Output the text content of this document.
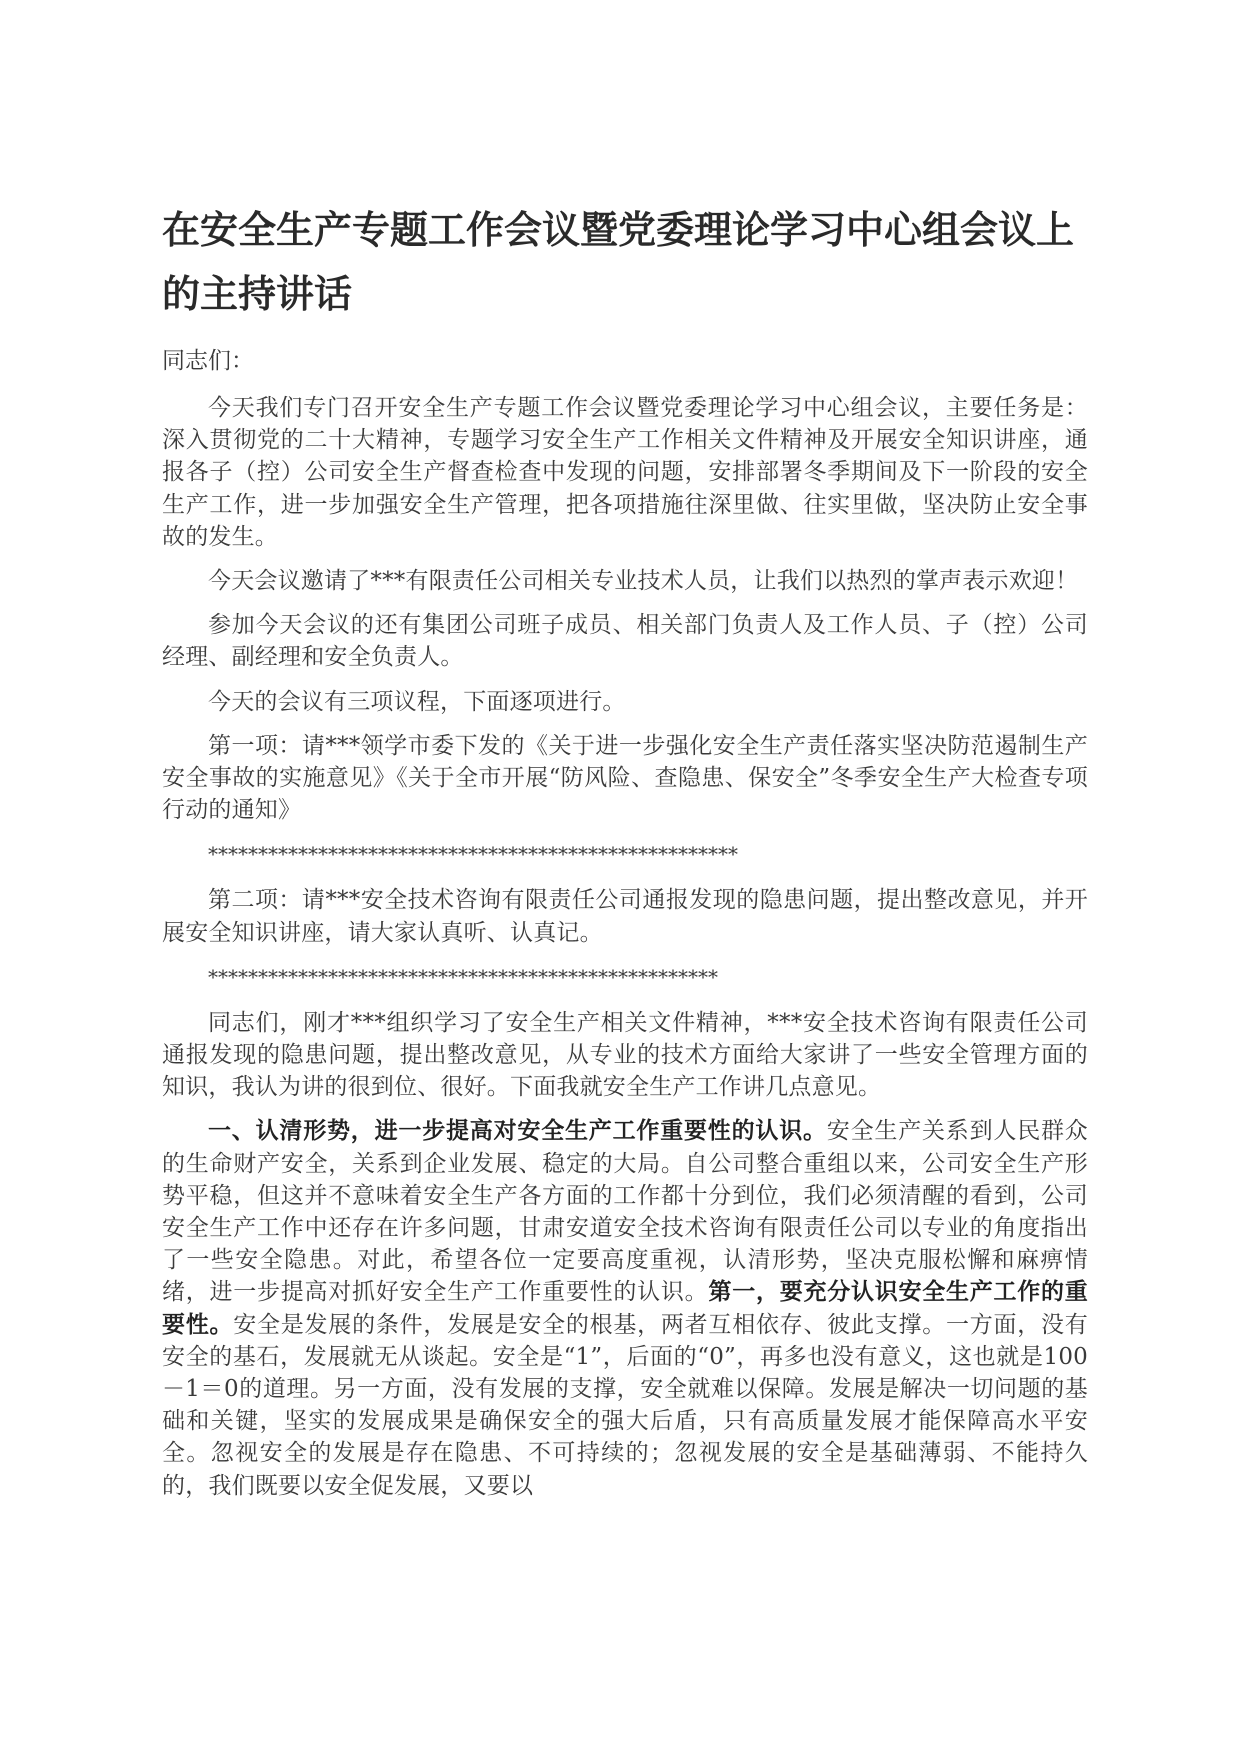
在安全生产专题工作会议暨党委理论学习中心组会议上的主持讲话

同志们：

今天我们专门召开安全生产专题工作会议暨党委理论学习中心组会议，主要任务是：深入贯彻党的二十大精神，专题学习安全生产工作相关文件精神及开展安全知识讲座，通报各子（控）公司安全生产督查检查中发现的问题，安排部署冬季期间及下一阶段的安全生产工作，进一步加强安全生产管理，把各项措施往深里做、往实里做，坚决防止安全事故的发生。

今天会议邀请了***有限责任公司相关专业技术人员，让我们以热烈的掌声表示欢迎！

参加今天会议的还有集团公司班子成员、相关部门负责人及工作人员、子（控）公司经理、副经理和安全负责人。

今天的会议有三项议程，下面逐项进行。

第一项：请***领学市委下发的《关于进一步强化安全生产责任落实坚决防范遏制生产安全事故的实施意见》《关于全市开展“防风险、查隐患、保安全”冬季安全生产大检查专项行动的通知》

*****************************************************

第二项：请***安全技术咨询有限责任公司通报发现的隐患问题，提出整改意见，并开展安全知识讲座，请大家认真听、认真记。

***************************************************

同志们，刚才***组织学习了安全生产相关文件精神，***安全技术咨询有限责任公司通报发现的隐患问题，提出整改意见，从专业的技术方面给大家讲了一些安全管理方面的知识，我认为讲的很到位、很好。下面我就安全生产工作讲几点意见。

一、认清形势，进一步提高对安全生产工作重要性的认识。安全生产关系到人民群众的生命财产安全，关系到企业发展、稳定的大局。自公司整合重组以来，公司安全生产形势平稳，但这并不意味着安全生产各方面的工作都十分到位，我们必须清醒的看到，公司安全生产工作中还存在许多问题，甘肃安道安全技术咨询有限责任公司以专业的角度指出了一些安全隐患。对此，希望各位一定要高度重视，认清形势，坚决克服松懈和麻痹情绪，进一步提高对抓好安全生产工作重要性的认识。第一，要充分认识安全生产工作的重要性。安全是发展的条件，发展是安全的根基，两者互相依存、彼此支撑。一方面，没有安全的基石，发展就无从谈起。安全是“1”，后面的“0”，再多也没有意义，这也就是100－1＝0的道理。另一方面，没有发展的支撑，安全就难以保障。发展是解决一切问题的基础和关键，坚实的发展成果是确保安全的强大后盾，只有高质量发展才能保障高水平安全。忽视安全的发展是存在隐患、不可持续的；忽视发展的安全是基础薄弱、不能持久的，我们既要以安全促发展，又要以
